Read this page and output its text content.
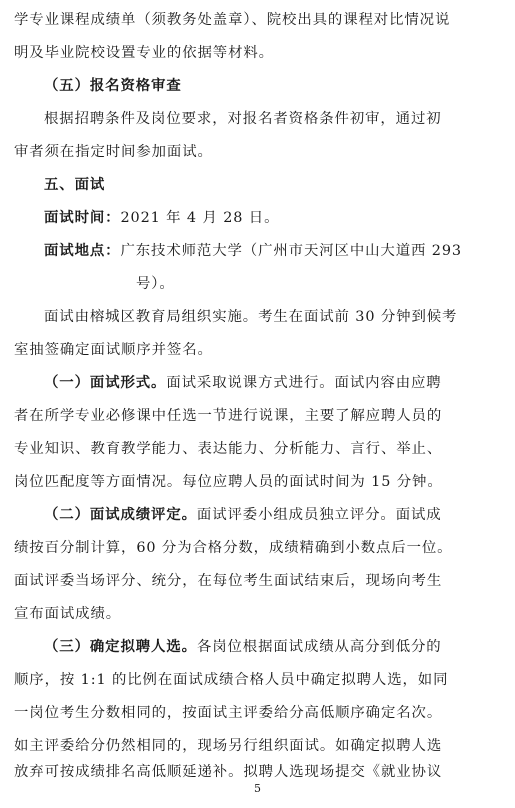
学专业课程成绩单（须教务处盖章）、院校出具的课程对比情况说
明及毕业院校设置专业的依据等材料。
（五）报名资格审查
根据招聘条件及岗位要求，对报名者资格条件初审，通过初
审者须在指定时间参加面试。
五、面试
面试时间：2021 年 4 月 28 日。
面试地点：广东技术师范大学（广州市天河区中山大道西 293
号）。
面试由榕城区教育局组织实施。考生在面试前 30 分钟到候考
室抽签确定面试顺序并签名。
（一）面试形式。面试采取说课方式进行。面试内容由应聘
者在所学专业必修课中任选一节进行说课，主要了解应聘人员的
专业知识、教育教学能力、表达能力、分析能力、言行、举止、
岗位匹配度等方面情况。每位应聘人员的面试时间为 15 分钟。
（二）面试成绩评定。面试评委小组成员独立评分。面试成
绩按百分制计算，60 分为合格分数，成绩精确到小数点后一位。
面试评委当场评分、统分，在每位考生面试结束后，现场向考生
宣布面试成绩。
（三）确定拟聘人选。各岗位根据面试成绩从高分到低分的
顺序，按 1:1 的比例在面试成绩合格人员中确定拟聘人选，如同
一岗位考生分数相同的，按面试主评委给分高低顺序确定名次。
如主评委给分仍然相同的，现场另行组织面试。如确定拟聘人选
放弃可按成绩排名高低顺延递补。拟聘人选现场提交《就业协议
5
